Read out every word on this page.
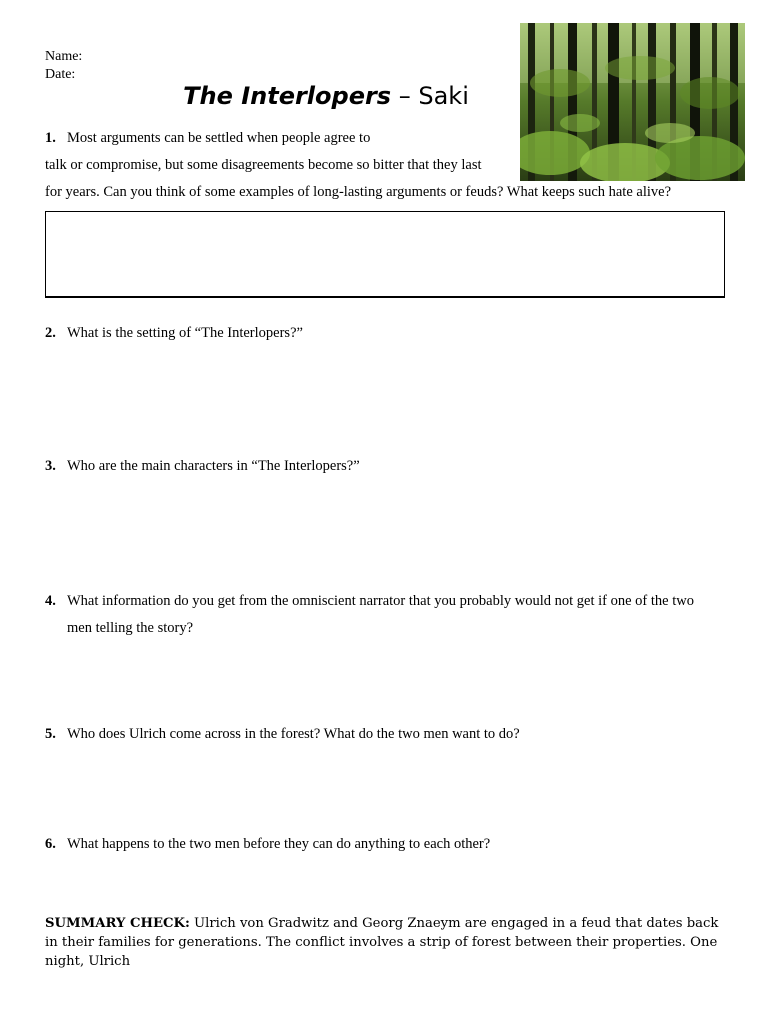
Name:
Date:
The Interlopers – Saki
1. Most arguments can be settled when people agree to
talk or compromise, but some disagreements become so bitter that they last
for years. Can you think of some examples of long-lasting arguments or feuds? What keeps such hate alive?
2. What is the setting of “The Interlopers?”
3. Who are the main characters in “The Interlopers?”
4. What information do you get from the omniscient narrator that you probably would not get if one of the two
men telling the story?
5. Who does Ulrich come across in the forest? What do the two men want to do?
6. What happens to the two men before they can do anything to each other?
SUMMARY CHECK: Ulrich von Gradwitz and Georg Znaeym are engaged in a feud that dates back in their families for generations. The conflict involves a strip of forest between their properties. One night, Ulrich
